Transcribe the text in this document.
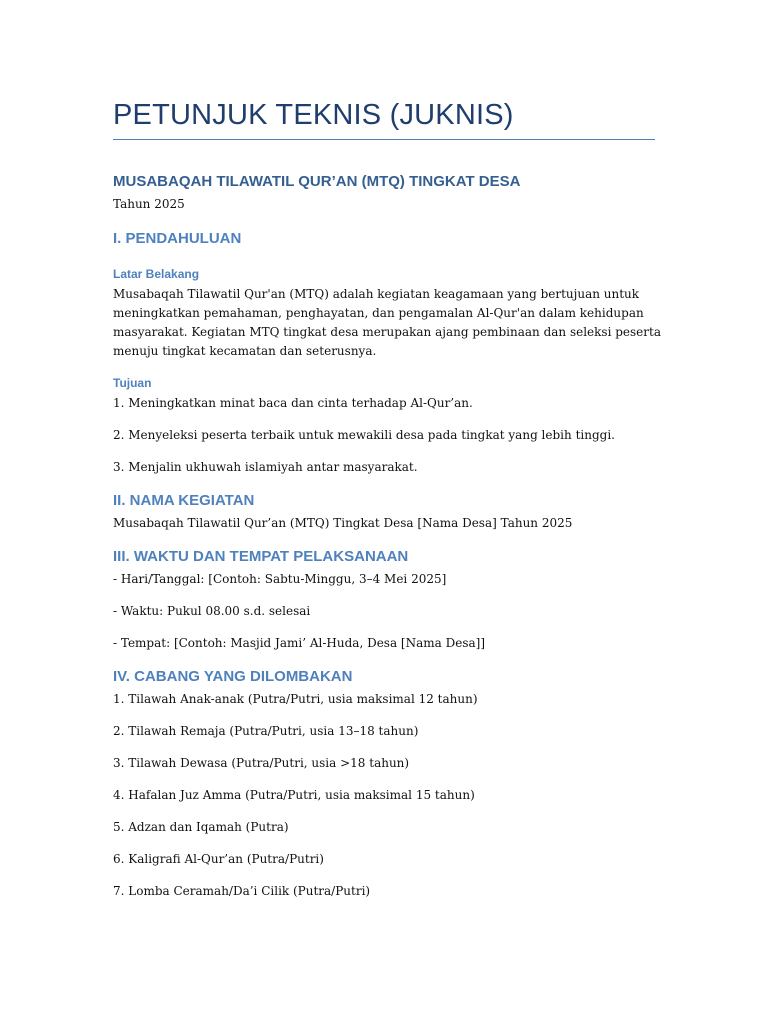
PETUNJUK TEKNIS (JUKNIS)
MUSABAQAH TILAWATIL QUR’AN (MTQ) TINGKAT DESA

Tahun 2025

I. PENDAHULUAN
Latar Belakang
Musabaqah Tilawatil Qur'an (MTQ) adalah kegiatan keagamaan yang bertujuan untuk
meningkatkan pemahaman, penghayatan, dan pengamalan Al-Qur'an dalam kehidupan
masyarakat. Kegiatan MTQ tingkat desa merupakan ajang pembinaan dan seleksi peserta
menuju tingkat kecamatan dan seterusnya.
Tujuan

1. Meningkatkan minat baca dan cinta terhadap Al-Qur’an.

2. Menyeleksi peserta terbaik untuk mewakili desa pada tingkat yang lebih tinggi.

3. Menjalin ukhuwah islamiyah antar masyarakat.

II. NAMA KEGIATAN

Musabaqah Tilawatil Qur’an (MTQ) Tingkat Desa [Nama Desa] Tahun 2025

III. WAKTU DAN TEMPAT PELAKSANAAN

- Hari/Tanggal: [Contoh: Sabtu-Minggu, 3–4 Mei 2025]

- Waktu: Pukul 08.00 s.d. selesai

- Tempat: [Contoh: Masjid Jami’ Al-Huda, Desa [Nama Desa]]

IV. CABANG YANG DILOMBAKAN

1. Tilawah Anak-anak (Putra/Putri, usia maksimal 12 tahun)

2. Tilawah Remaja (Putra/Putri, usia 13–18 tahun)

3. Tilawah Dewasa (Putra/Putri, usia >18 tahun)

4. Hafalan Juz Amma (Putra/Putri, usia maksimal 15 tahun)

5. Adzan dan Iqamah (Putra)

6. Kaligrafi Al-Qur’an (Putra/Putri)

7. Lomba Ceramah/Da’i Cilik (Putra/Putri)
